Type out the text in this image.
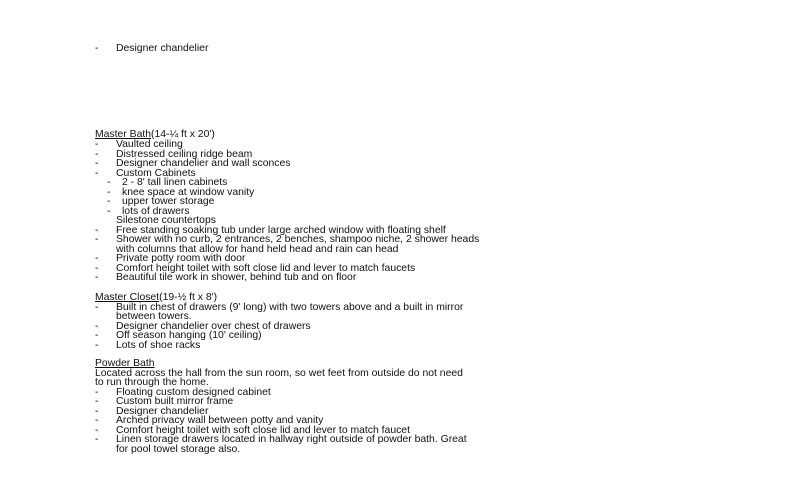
-	Designer chandelier
Master Bath (14-¼ ft x 20')
-	Vaulted ceiling
-	Distressed ceiling ridge beam
-	Designer chandelier and wall sconces
-	Custom Cabinets
-	2 - 8' tall linen cabinets
-	knee space at window vanity
-	upper tower storage
-	lots of drawers
Silestone countertops
-	Free standing soaking tub under large arched window with floating shelf
-	Shower with no curb, 2 entrances, 2 benches, shampoo niche, 2 shower heads
with columns that allow for hand held head and rain can head
-	Private potty room with door
-	Comfort height toilet with soft close lid and lever to match faucets
-	Beautiful tile work in shower, behind tub and on floor
Master Closet (19-½ ft x 8')
-	Built in chest of drawers (9' long) with two towers above and a built in mirror
between towers.
-	Designer chandelier over chest of drawers
-	Off season hanging (10' ceiling)
-	Lots of shoe racks
Powder Bath
Located across the hall from the sun room, so wet feet from outside do not need
to run through the home.
-	Floating custom designed cabinet
-	Custom built mirror frame
-	Designer chandelier
-	Arched privacy wall between potty and vanity
-	Comfort height toilet with soft close lid and lever to match faucet
-	Linen storage drawers located in hallway right outside of powder bath. Great
for pool towel storage also.
